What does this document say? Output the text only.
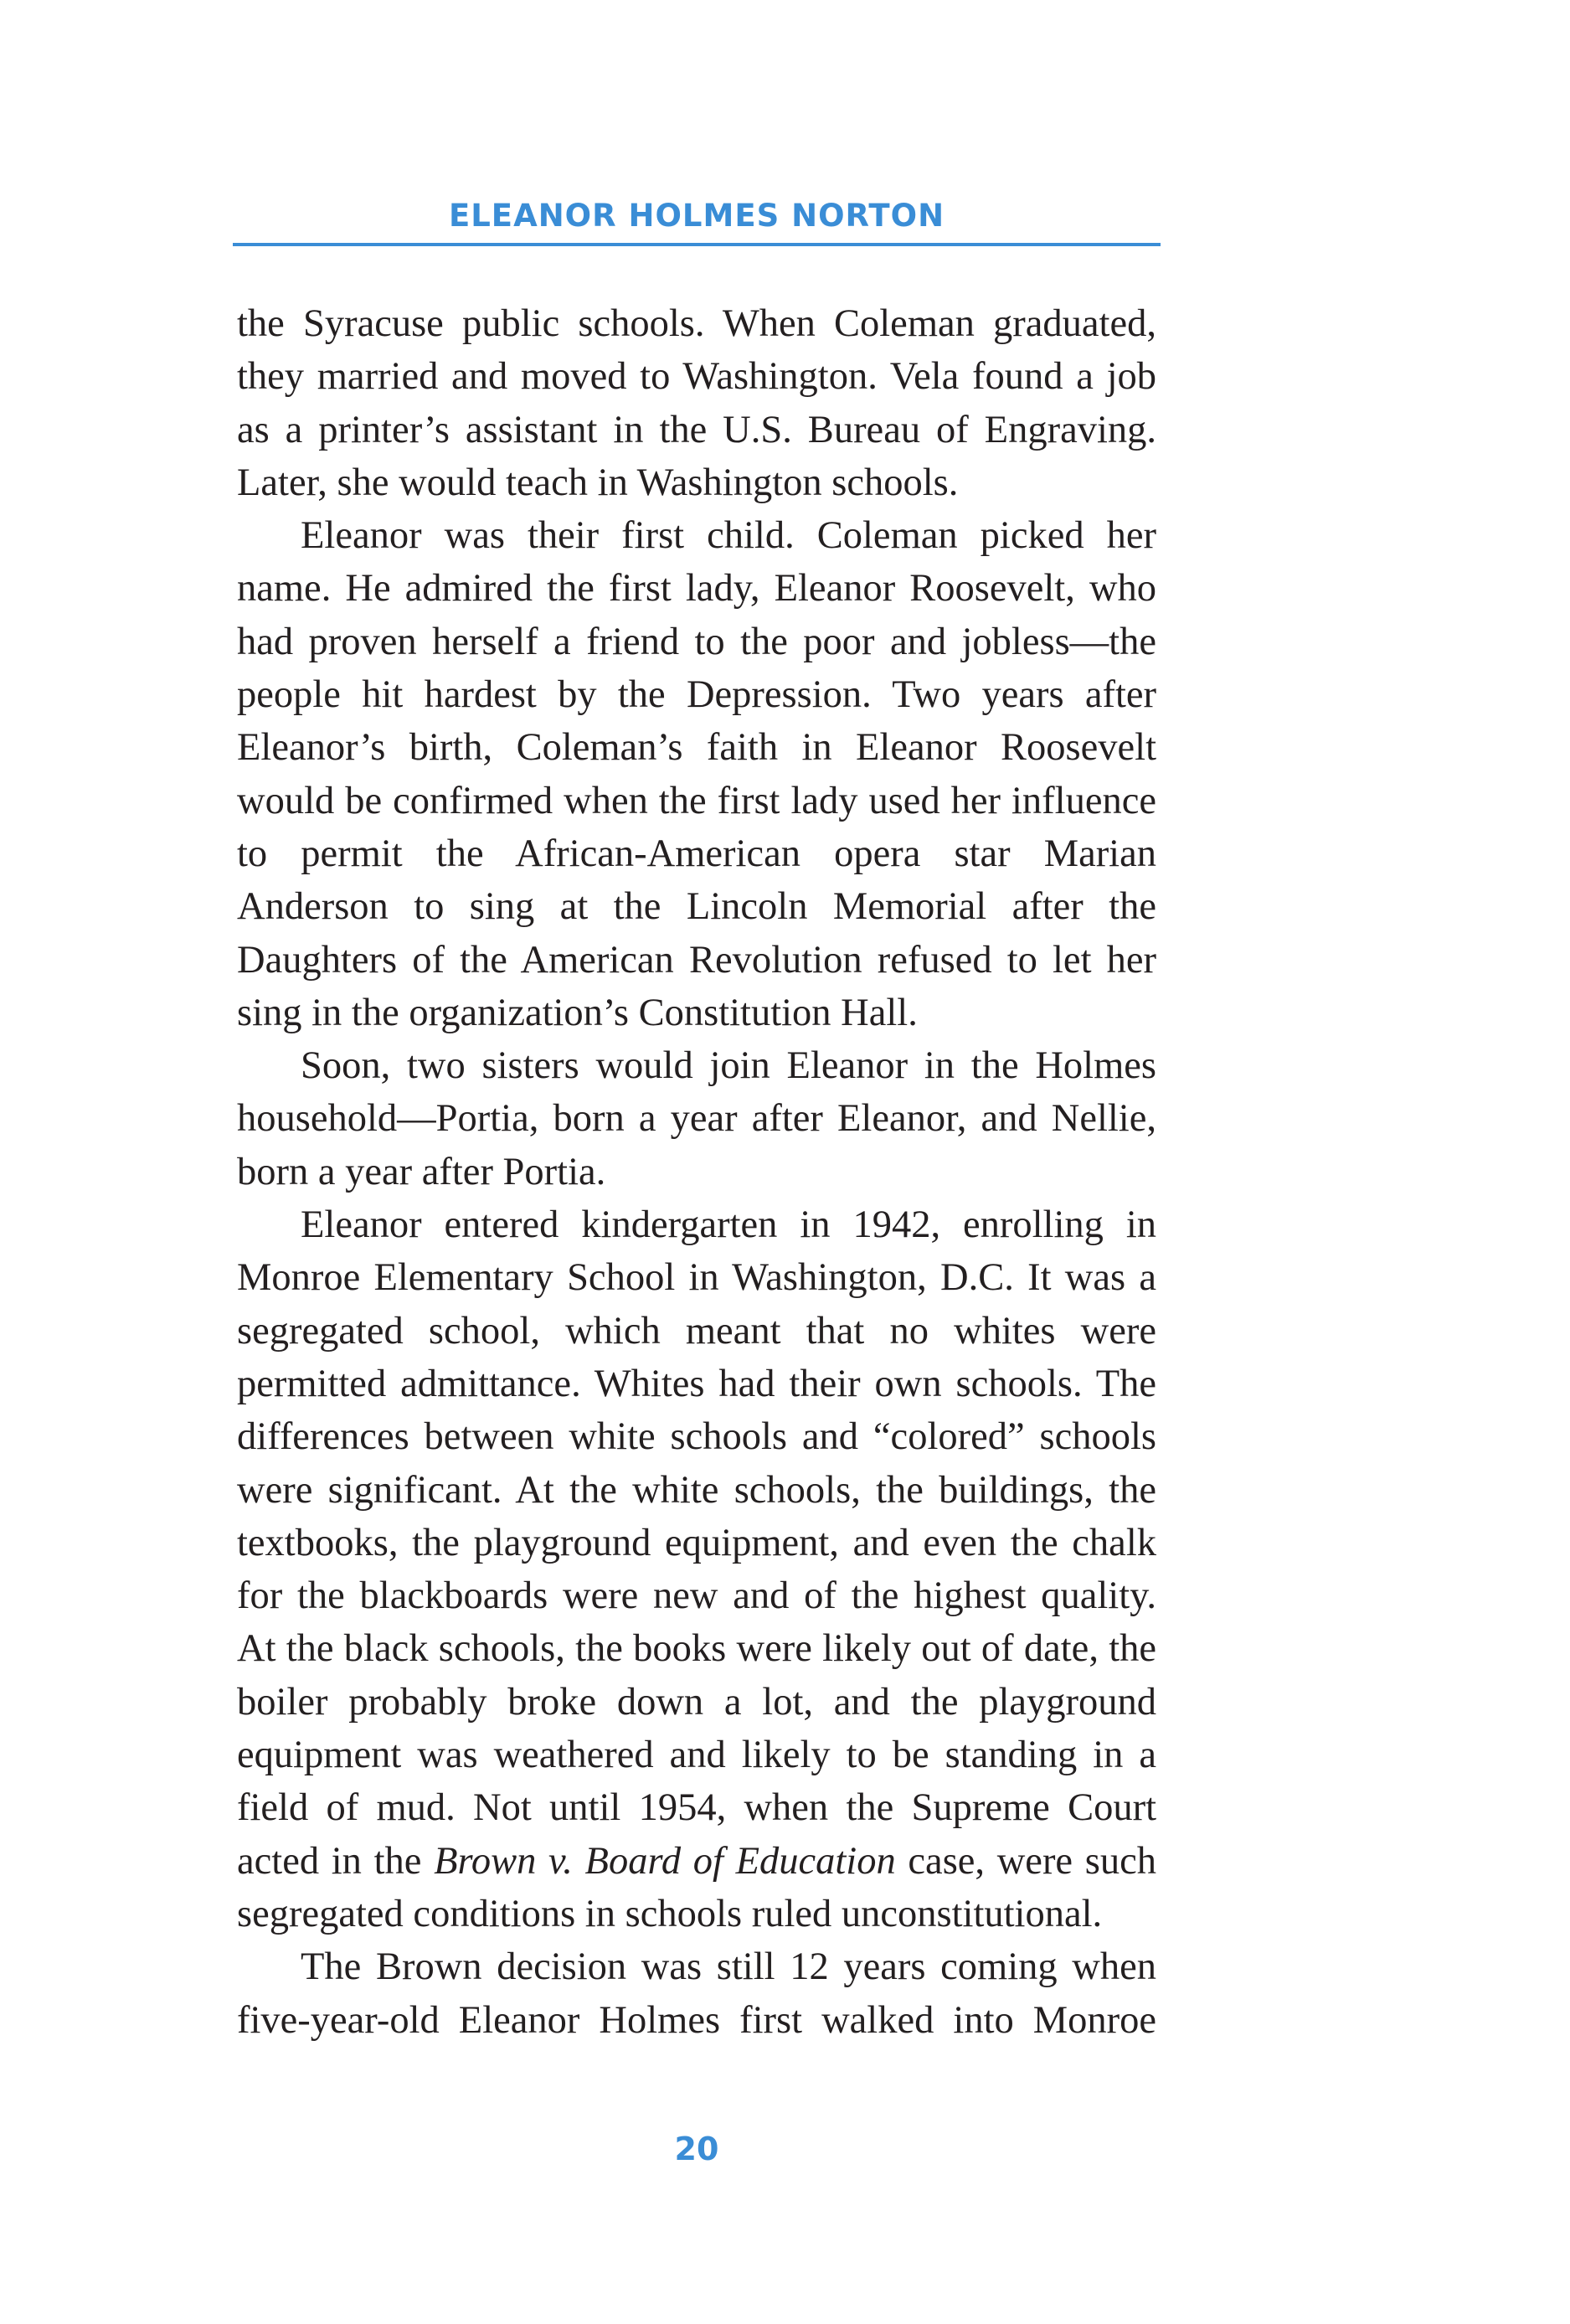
ELEANOR HOLMES NORTON

the Syracuse public schools. When Coleman graduated, they married and moved to Washington. Vela found a job as a printer’s assistant in the U.S. Bureau of Engraving. Later, she would teach in Washington schools.

Eleanor was their first child. Coleman picked her name. He admired the first lady, Eleanor Roosevelt, who had proven herself a friend to the poor and jobless—the people hit hardest by the Depression. Two years after Eleanor’s birth, Coleman’s faith in Eleanor Roosevelt would be confirmed when the first lady used her influence to permit the African-American opera star Marian Anderson to sing at the Lincoln Memorial after the Daughters of the American Revolution refused to let her sing in the organization’s Constitution Hall.

Soon, two sisters would join Eleanor in the Holmes household—Portia, born a year after Eleanor, and Nellie, born a year after Portia.

Eleanor entered kindergarten in 1942, enrolling in Monroe Elementary School in Washington, D.C. It was a segregated school, which meant that no whites were permitted admittance. Whites had their own schools. The differences between white schools and “colored” schools were significant. At the white schools, the buildings, the textbooks, the playground equipment, and even the chalk for the blackboards were new and of the highest quality. At the black schools, the books were likely out of date, the boiler probably broke down a lot, and the playground equipment was weathered and likely to be standing in a field of mud. Not until 1954, when the Supreme Court acted in the Brown v. Board of Education case, were such segregated conditions in schools ruled unconstitutional.

The Brown decision was still 12 years coming when five-year-old Eleanor Holmes first walked into Monroe

20
